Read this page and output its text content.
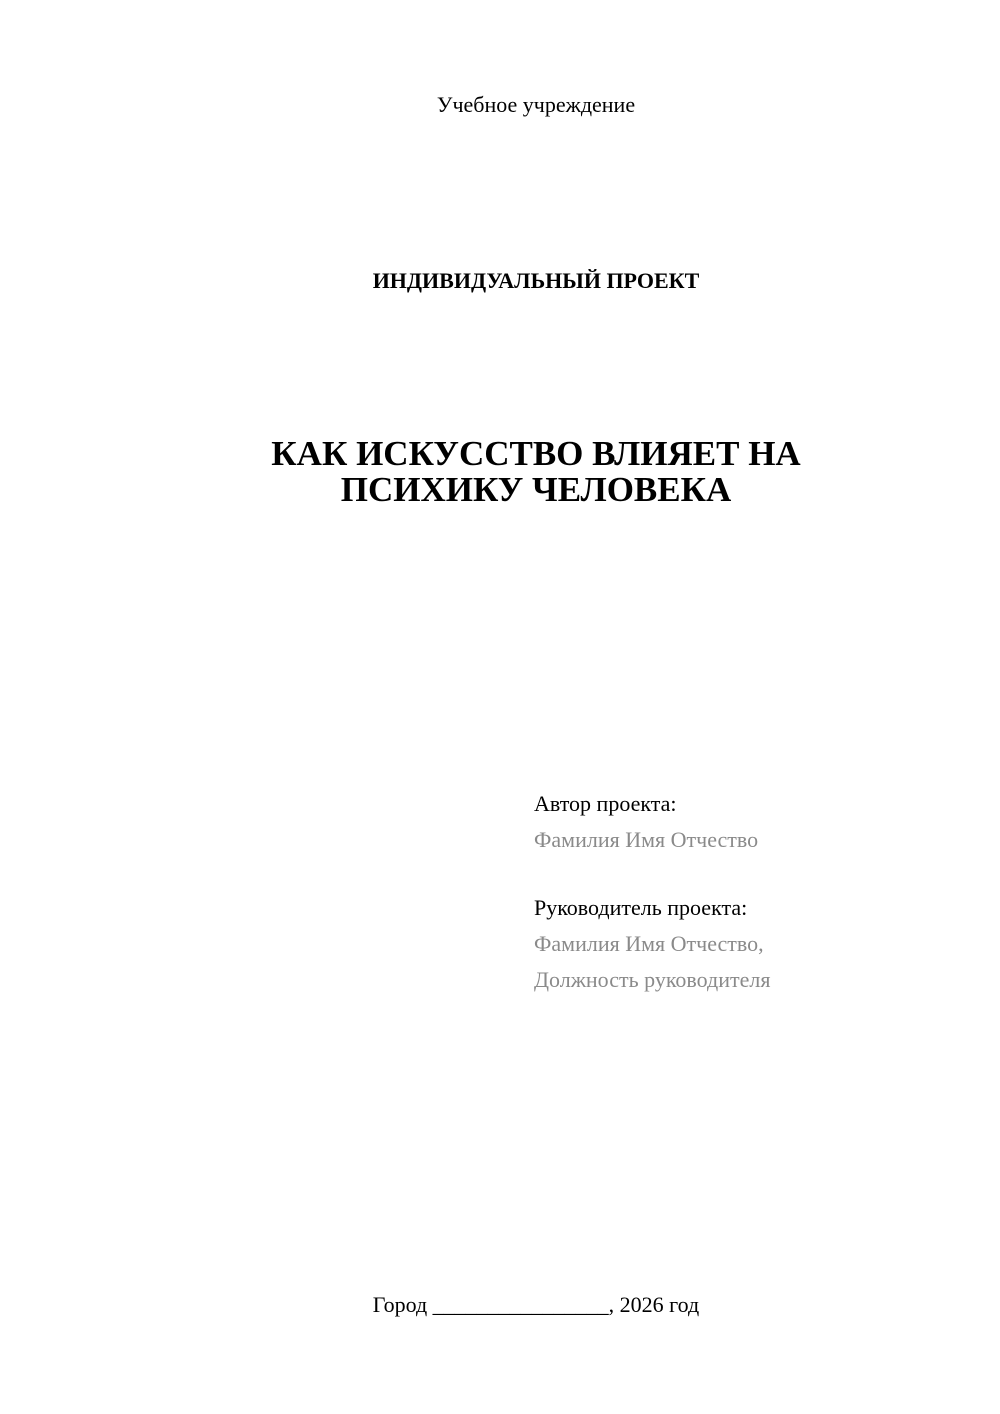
Учебное учреждение
ИНДИВИДУАЛЬНЫЙ ПРОЕКТ
КАК ИСКУССТВО ВЛИЯЕТ НА
ПСИХИКУ ЧЕЛОВЕКА
Автор проекта:
Фамилия Имя Отчество
Руководитель проекта:
Фамилия Имя Отчество,
Должность руководителя
Город ________________, 2026 год
